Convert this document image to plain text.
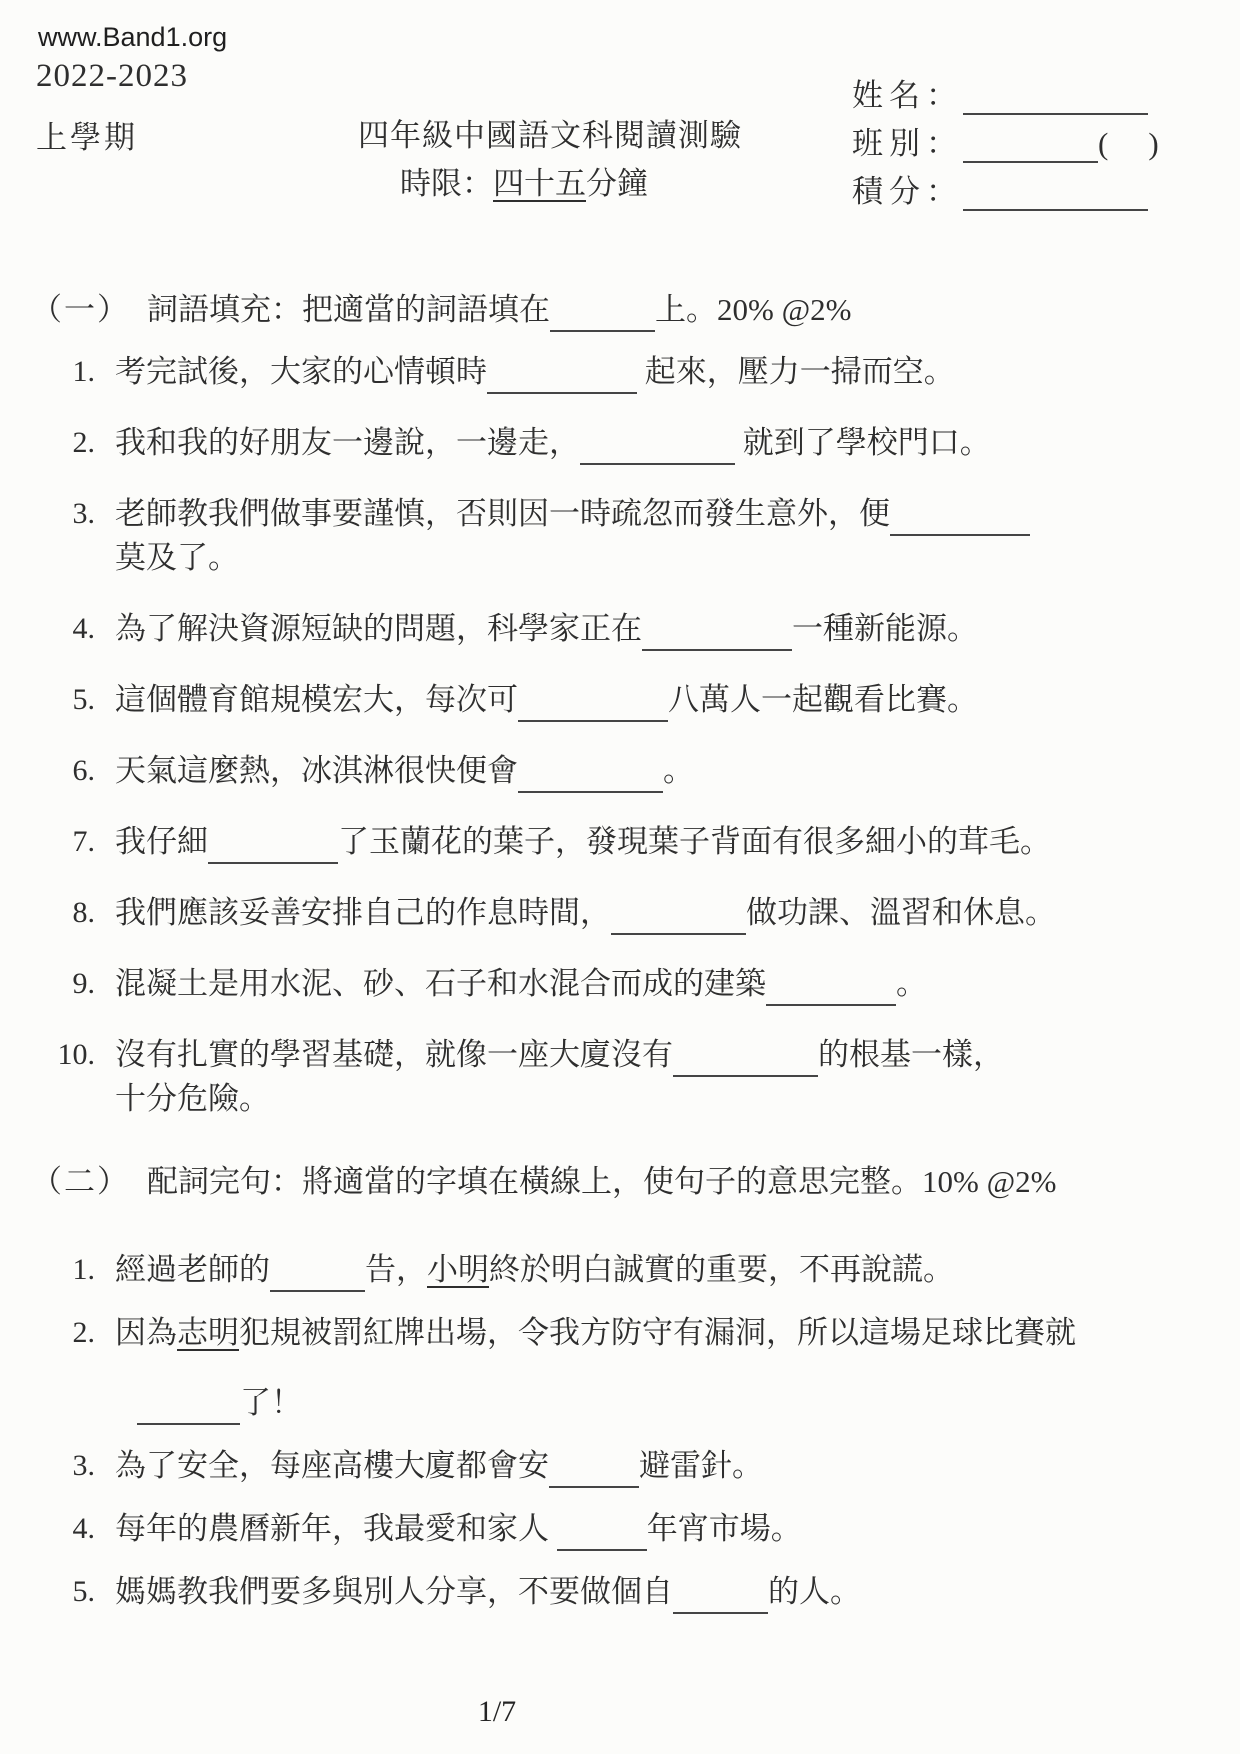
www.Band1.org
2022-2023
上學期	四年級中國語文科閱讀測驗
時限：四十五分鐘
姓名：
班別：	( )
積分：
（一） 詞語填充：把適當的詞語填在	上。20% @2%
1. 考完試後，大家的心情頓時	起來，壓力一掃而空。
2. 我和我的好朋友一邊說，一邊走，	就到了學校門口。
3. 老師教我們做事要謹慎，否則因一時疏忽而發生意外，便
莫及了。
4. 為了解決資源短缺的問題，科學家正在	一種新能源。
5. 這個體育館規模宏大，每次可	八萬人一起觀看比賽。
6. 天氣這麼熱，冰淇淋很快便會	。
7. 我仔細	了玉蘭花的葉子，發現葉子背面有很多細小的茸毛。
8. 我們應該妥善安排自己的作息時間，	做功課、溫習和休息。
9. 混凝土是用水泥、砂、石子和水混合而成的建築	。
10. 沒有扎實的學習基礎，就像一座大廈沒有	的根基一樣，
十分危險。
（二） 配詞完句：將適當的字填在橫線上，使句子的意思完整。10% @2%
1. 經過老師的	告，小明終於明白誠實的重要，不再說謊。
2. 因為志明犯規被罰紅牌出場，令我方防守有漏洞，所以這場足球比賽就
了！
3. 為了安全，每座高樓大廈都會安	避雷針。
4. 每年的農曆新年，我最愛和家人	年宵市場。
5. 媽媽教我們要多與別人分享，不要做個自	的人。
1/7
